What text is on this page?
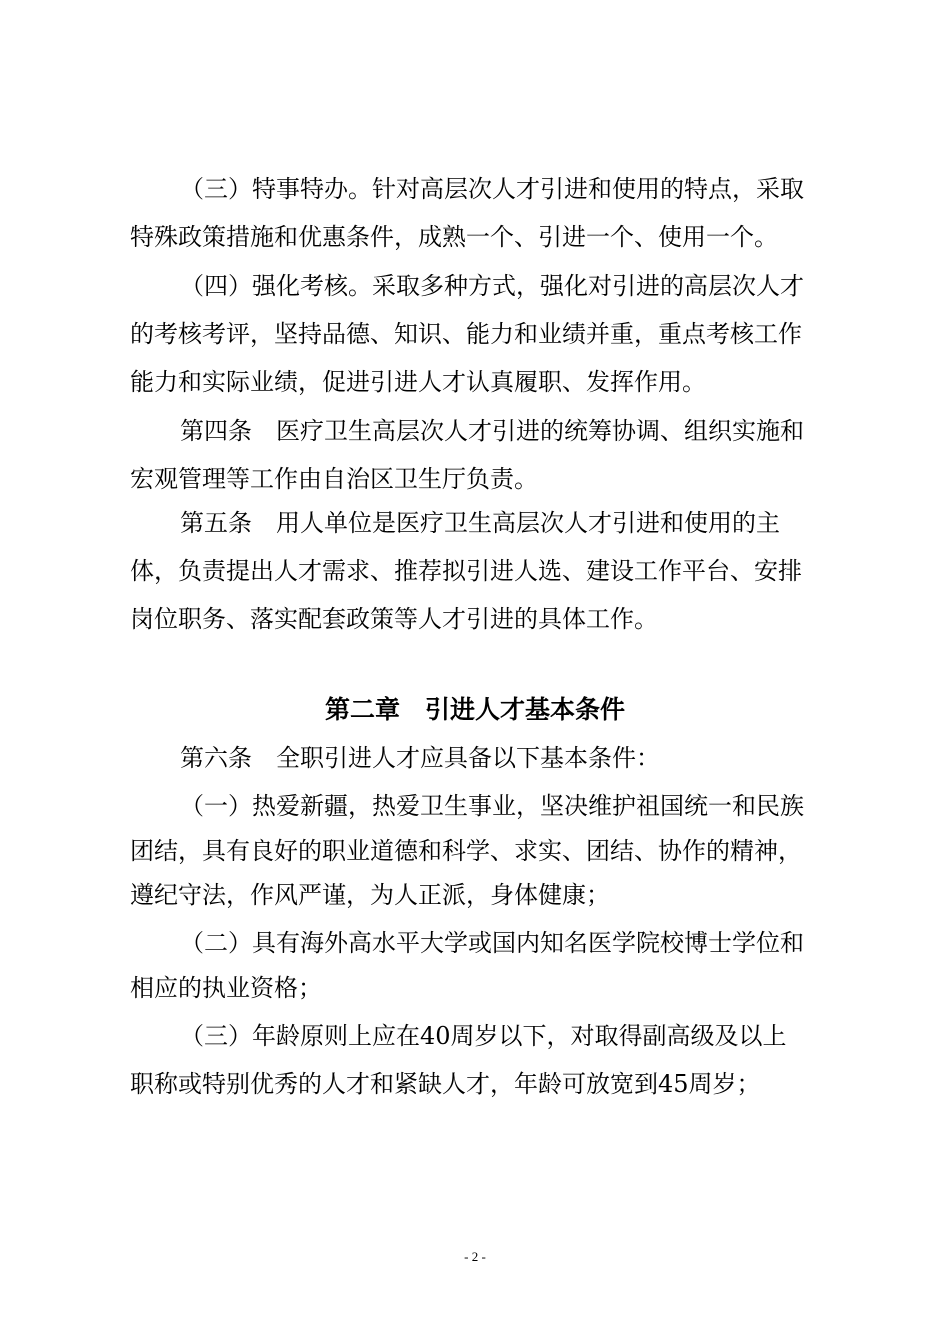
（三）特事特办。针对高层次人才引进和使用的特点，采取
特殊政策措施和优惠条件，成熟一个、引进一个、使用一个。
（四）强化考核。采取多种方式，强化对引进的高层次人才
的考核考评，坚持品德、知识、能力和业绩并重，重点考核工作
能力和实际业绩，促进引进人才认真履职、发挥作用。
第四条　医疗卫生高层次人才引进的统筹协调、组织实施和
宏观管理等工作由自治区卫生厅负责。
第五条　用人单位是医疗卫生高层次人才引进和使用的主
体，负责提出人才需求、推荐拟引进人选、建设工作平台、安排
岗位职务、落实配套政策等人才引进的具体工作。
第二章　引进人才基本条件
第六条　全职引进人才应具备以下基本条件：
（一）热爱新疆，热爱卫生事业，坚决维护祖国统一和民族
团结，具有良好的职业道德和科学、求实、团结、协作的精神，
遵纪守法，作风严谨，为人正派，身体健康；
（二）具有海外高水平大学或国内知名医学院校博士学位和
相应的执业资格；
（三）年龄原则上应在40周岁以下，对取得副高级及以上
职称或特别优秀的人才和紧缺人才，年龄可放宽到45周岁；
- 2 -
